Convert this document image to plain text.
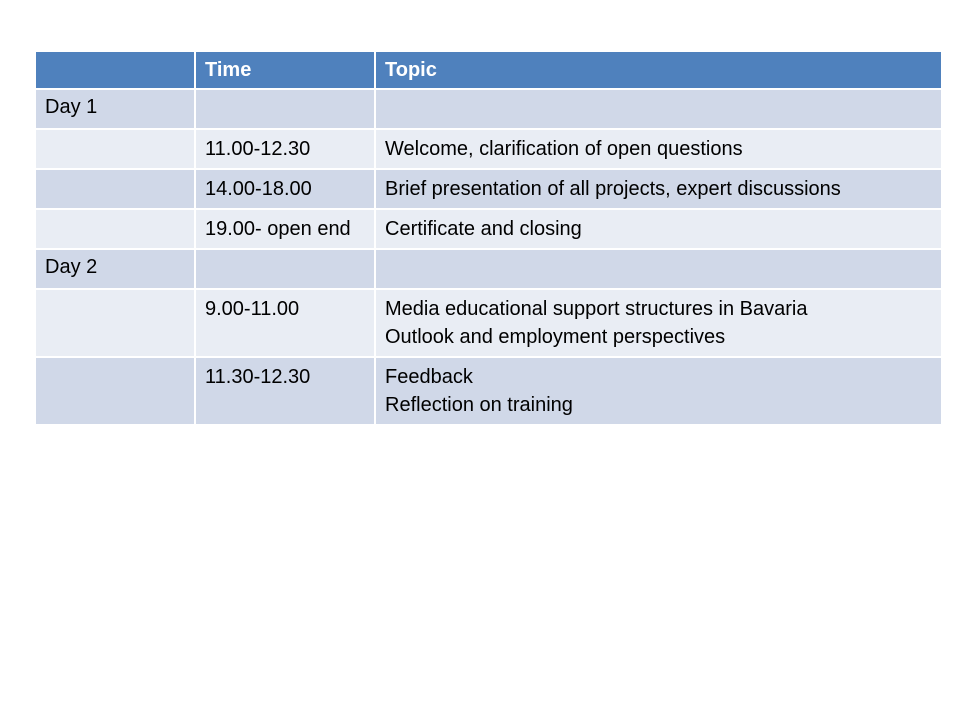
	Time	Topic
Day 1		

	11.00-12.30	Welcome, clarification of open questions

	14.00-18.00	Brief presentation of all projects, expert discussions

	19.00- open end	Certificate and closing

Day 2		

	9.00-11.00	Media educational support structures in Bavaria
Outlook and employment perspectives

	11.30-12.30	Feedback
Reflection on training
